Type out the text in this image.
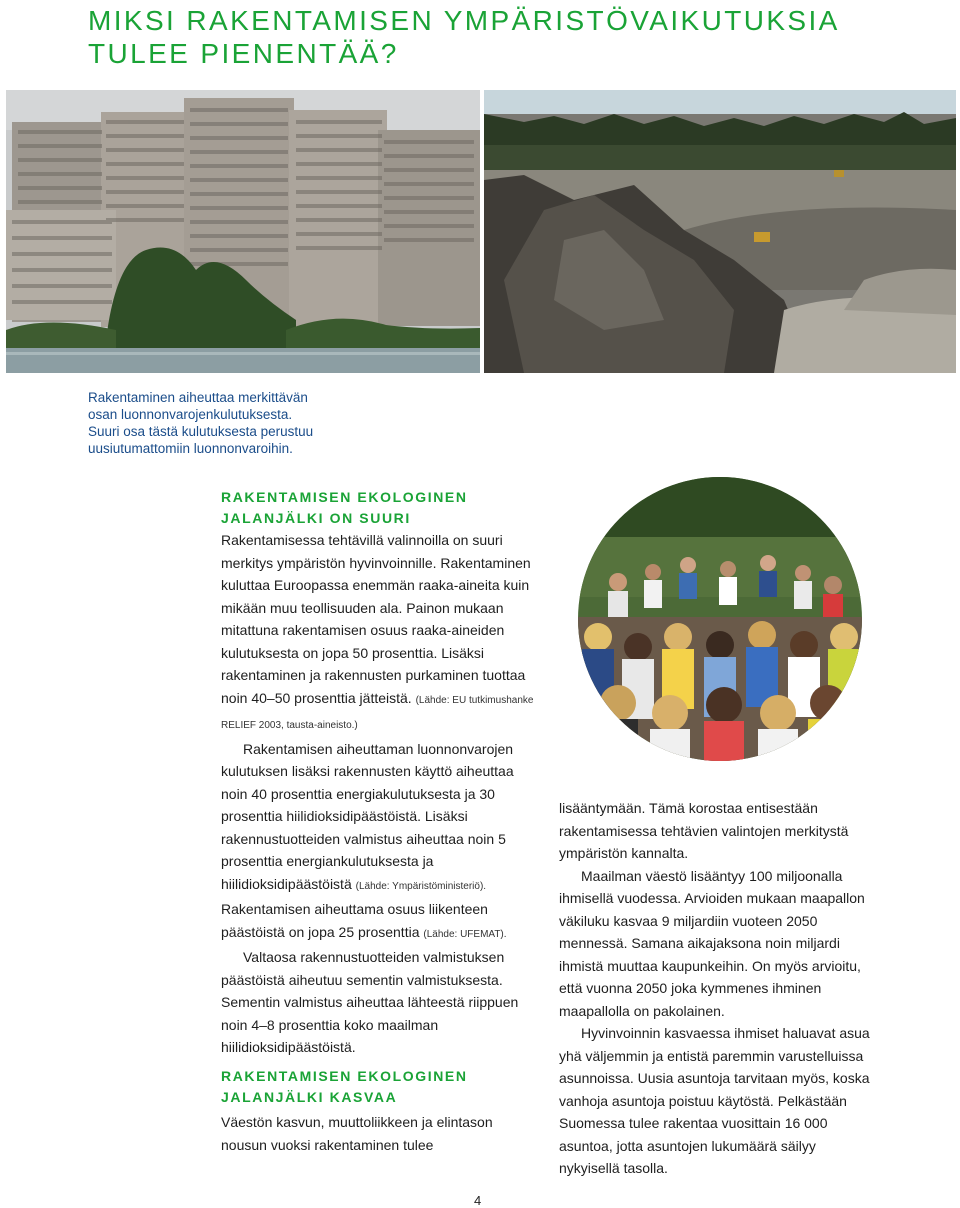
MIKSI RAKENTAMISEN YMPÄRISTÖVAIKUTUKSIA
TULEE PIENENTÄÄ?
Rakentaminen aiheuttaa merkittävän
osan luonnonvarojenkulutuksesta.
Suuri osa tästä kulutuksesta perustuu
uusiutumattomiin luonnonvaroihin.

RAKENTAMISEN EKOLOGINEN JALANJÄLKI ON SUURI

Rakentamisessa tehtävillä valinnoilla on suuri merkitys ympäristön hyvinvoinnille. Rakentaminen kuluttaa Euroopassa enemmän raaka-aineita kuin mikään muu teollisuuden ala. Painon mukaan mitattuna rakentamisen osuus raaka-aineiden kulutuksesta on jopa 50 prosenttia. Lisäksi rakentaminen ja rakennusten purkaminen tuottaa noin 40–50 prosenttia jätteistä. (Lähde: EU tutkimushanke RELIEF 2003, tausta-aineisto.)

Rakentamisen aiheuttaman luonnonvarojen kulutuksen lisäksi rakennusten käyttö aiheuttaa noin 40 prosenttia energiakulutuksesta ja 30 prosenttia hiilidioksidipäästöistä. Lisäksi rakennustuotteiden valmistus aiheuttaa noin 5 prosenttia energiankulutuksesta ja hiilidioksidipäästöistä (Lähde: Ympäristöministeriö). Rakentamisen aiheuttama osuus liikenteen päästöistä on jopa 25 prosenttia (Lähde: UFEMAT).

Valtaosa rakennustuotteiden valmistuksen päästöistä aiheutuu sementin valmistuksesta. Sementin valmistus aiheuttaa lähteestä riippuen noin 4–8 prosenttia koko maailman hiilidioksidipäästöistä.

RAKENTAMISEN EKOLOGINEN JALANJÄLKI KASVAA

Väestön kasvun, muuttoliikkeen ja elintason nousun vuoksi rakentaminen tulee

lisääntymään. Tämä korostaa entisestään rakentamisessa tehtävien valintojen merkitystä ympäristön kannalta.

Maailman väestö lisääntyy 100 miljoonalla ihmisellä vuodessa. Arvioiden mukaan maapallon väkiluku kasvaa 9 miljardiin vuoteen 2050 mennessä. Samana aikajaksona noin miljardi ihmistä muuttaa kaupunkeihin. On myös arvioitu, että vuonna 2050 joka kymmenes ihminen maapallolla on pakolainen.

Hyvinvoinnin kasvaessa ihmiset haluavat asua yhä väljemmin ja entistä paremmin varustelluissa asunnoissa. Uusia asuntoja tarvitaan myös, koska vanhoja asuntoja poistuu käytöstä. Pelkästään Suomessa tulee rakentaa vuosittain 16 000 asuntoa, jotta asuntojen lukumäärä säilyy nykyisellä tasolla.

4
